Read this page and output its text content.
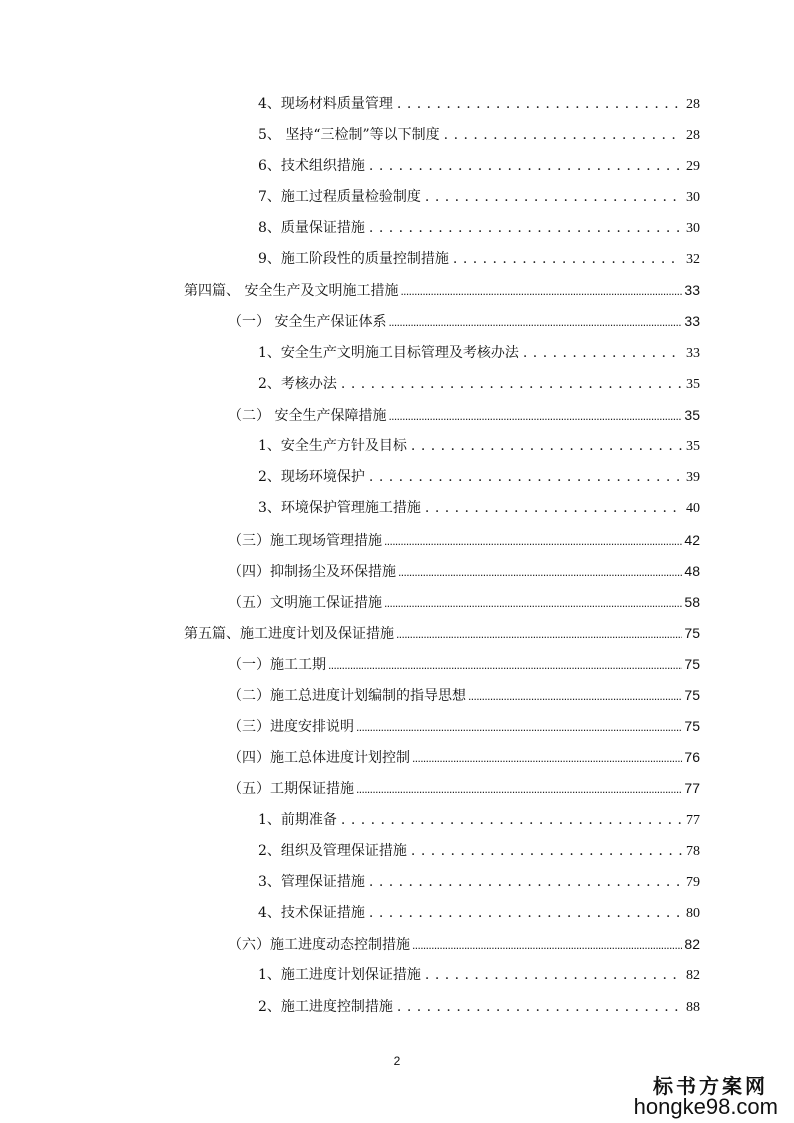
4、现场材料质量管理 . . .	28
5、 坚持“三检制”等以下制度 . . .	28
6、技术组织措施 . . .	29
7、施工过程质量检验制度 . . .	30
8、质量保证措施 . . .	30
9、施工阶段性的质量控制措施 . . .	32
第四篇、 安全生产及文明施工措施 .....	33
（一） 安全生产保证体系 .....	33
1、安全生产文明施工目标管理及考核办法 . . .	33
2、考核办法 . . .	35
（二） 安全生产保障措施 .....	35
1、安全生产方针及目标 . . .	35
2、现场环境保护 . . .	39
3、环境保护管理施工措施 . . .	40
（三）施工现场管理措施 .....	42
（四）抑制扬尘及环保措施 .....	48
（五）文明施工保证措施 .....	58
第五篇、施工进度计划及保证措施 .....	75
（一）施工工期 .....	75
（二）施工总进度计划编制的指导思想 .....	75
（三）进度安排说明 .....	75
（四）施工总体进度计划控制 .....	76
（五）工期保证措施 .....	77
1、前期准备 . . .	77
2、组织及管理保证措施 . . .	78
3、管理保证措施 . . .	79
4、技术保证措施 . . .	80
（六）施工进度动态控制措施 .....	82
1、施工进度计划保证措施 . . .	82
2、施工进度控制措施 . . .	88
2
标书方案网
hongke98.com
